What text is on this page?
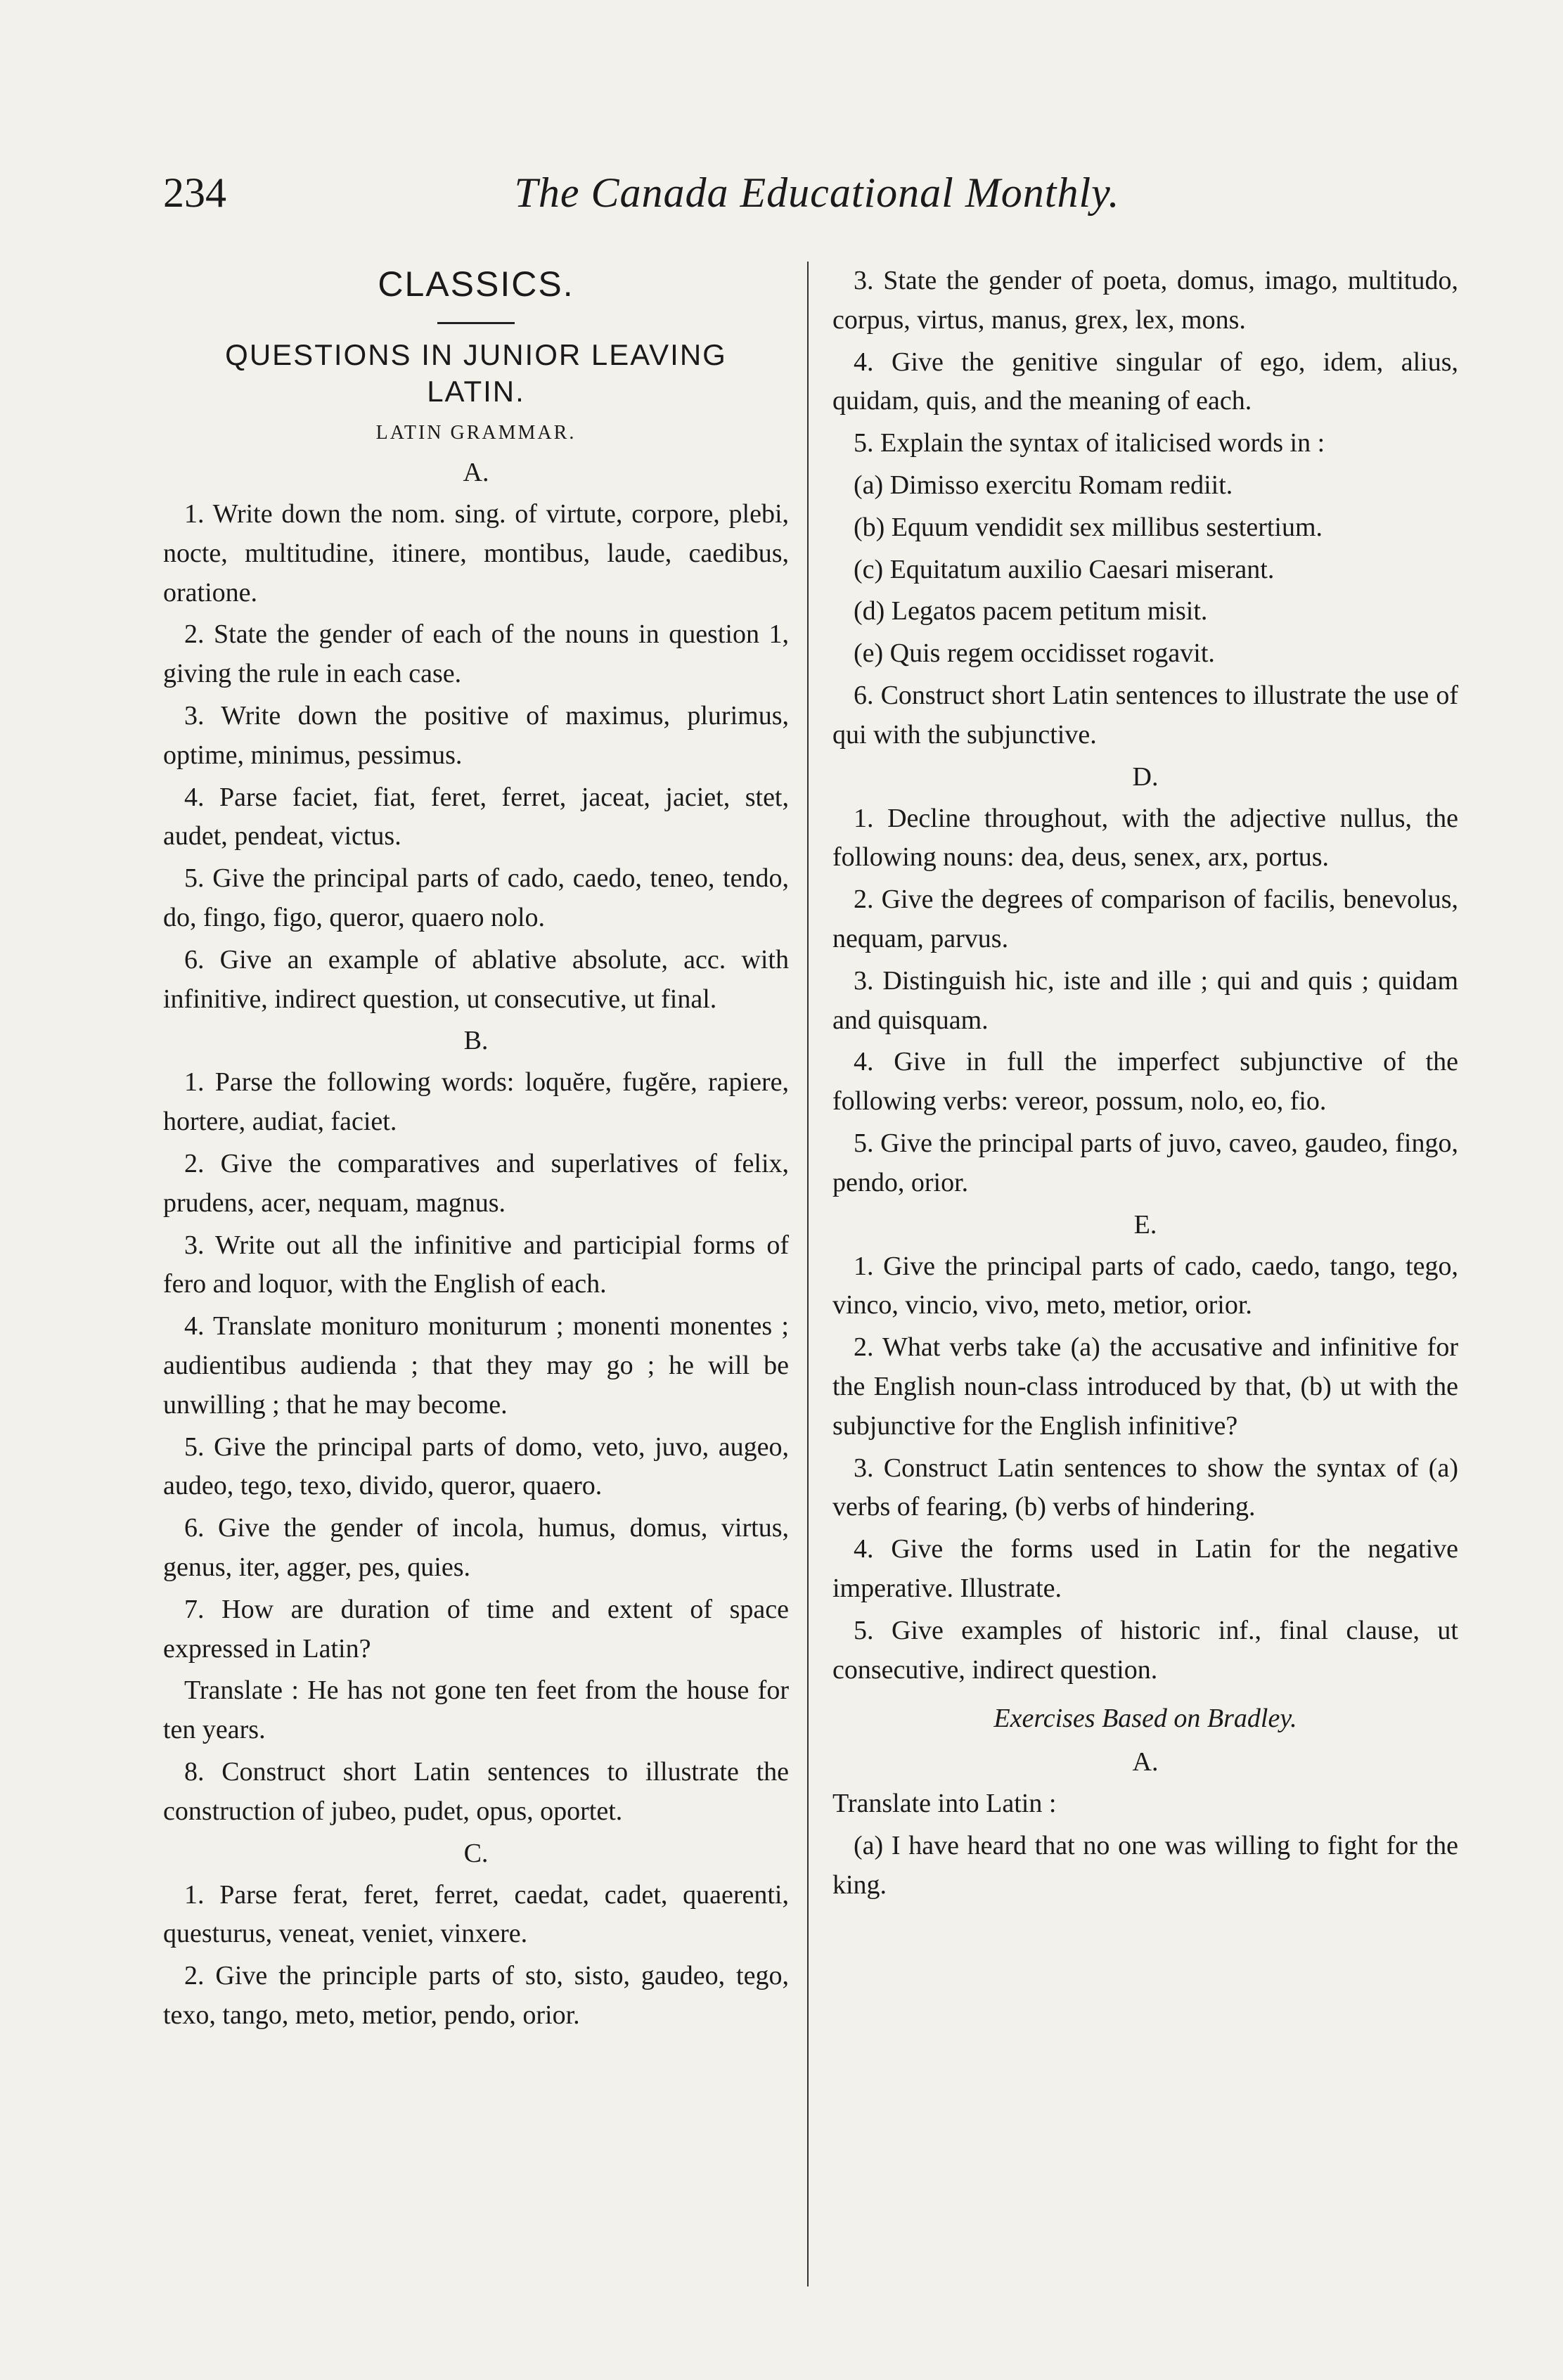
234	The Canada Educational Monthly.
CLASSICS.
QUESTIONS IN JUNIOR LEAVING
LATIN.
LATIN GRAMMAR.
A.

1. Write down the nom. sing. of virtute, corpore, plebi, nocte, multitudine, itinere, montibus, laude, caedibus, oratione.

2. State the gender of each of the nouns in question 1, giving the rule in each case.

3. Write down the positive of maximus, plurimus, optime, minimus, pessimus.

4. Parse faciet, fiat, feret, ferret, jaceat, jaciet, stet, audet, pendeat, victus.

5. Give the principal parts of cado, caedo, teneo, tendo, do, fingo, figo, queror, quaero nolo.

6. Give an example of ablative absolute, acc. with infinitive, indirect question, ut consecutive, ut final.

B.

1. Parse the following words: loquĕre, fugĕre, rapiere, hortere, audiat, faciet.

2. Give the comparatives and superlatives of felix, prudens, acer, nequam, magnus.

3. Write out all the infinitive and participial forms of fero and loquor, with the English of each.

4. Translate monituro moniturum ; monenti monentes ; audientibus audienda ; that they may go ; he will be unwilling ; that he may become.

5. Give the principal parts of domo, veto, juvo, augeo, audeo, tego, texo, divido, queror, quaero.

6. Give the gender of incola, humus, domus, virtus, genus, iter, agger, pes, quies.

7. How are duration of time and extent of space expressed in Latin?

Translate : He has not gone ten feet from the house for ten years.

8. Construct short Latin sentences to illustrate the construction of jubeo, pudet, opus, oportet.

C.

1. Parse ferat, feret, ferret, caedat, cadet, quaerenti, questurus, veneat, veniet, vinxere.

2. Give the principle parts of sto, sisto, gaudeo, tego, texo, tango, meto, metior, pendo, orior.

3. State the gender of poeta, domus, imago, multitudo, corpus, virtus, manus, grex, lex, mons.

4. Give the genitive singular of ego, idem, alius, quidam, quis, and the meaning of each.

5. Explain the syntax of italicised words in :

(a) Dimisso exercitu Romam rediit.

(b) Equum vendidit sex millibus sestertium.

(c) Equitatum auxilio Caesari miserant.

(d) Legatos pacem petitum misit.

(e) Quis regem occidisset rogavit.

6. Construct short Latin sentences to illustrate the use of qui with the subjunctive.

D.

1. Decline throughout, with the adjective nullus, the following nouns: dea, deus, senex, arx, portus.

2. Give the degrees of comparison of facilis, benevolus, nequam, parvus.

3. Distinguish hic, iste and ille ; qui and quis ; quidam and quisquam.

4. Give in full the imperfect subjunctive of the following verbs: vereor, possum, nolo, eo, fio.

5. Give the principal parts of juvo, caveo, gaudeo, fingo, pendo, orior.

E.

1. Give the principal parts of cado, caedo, tango, tego, vinco, vincio, vivo, meto, metior, orior.

2. What verbs take (a) the accusative and infinitive for the English noun-class introduced by that, (b) ut with the subjunctive for the English infinitive?

3. Construct Latin sentences to show the syntax of (a) verbs of fearing, (b) verbs of hindering.

4. Give the forms used in Latin for the negative imperative. Illustrate.

5. Give examples of historic inf., final clause, ut consecutive, indirect question.

Exercises Based on Bradley.
A.

Translate into Latin :

(a) I have heard that no one was willing to fight for the king.
